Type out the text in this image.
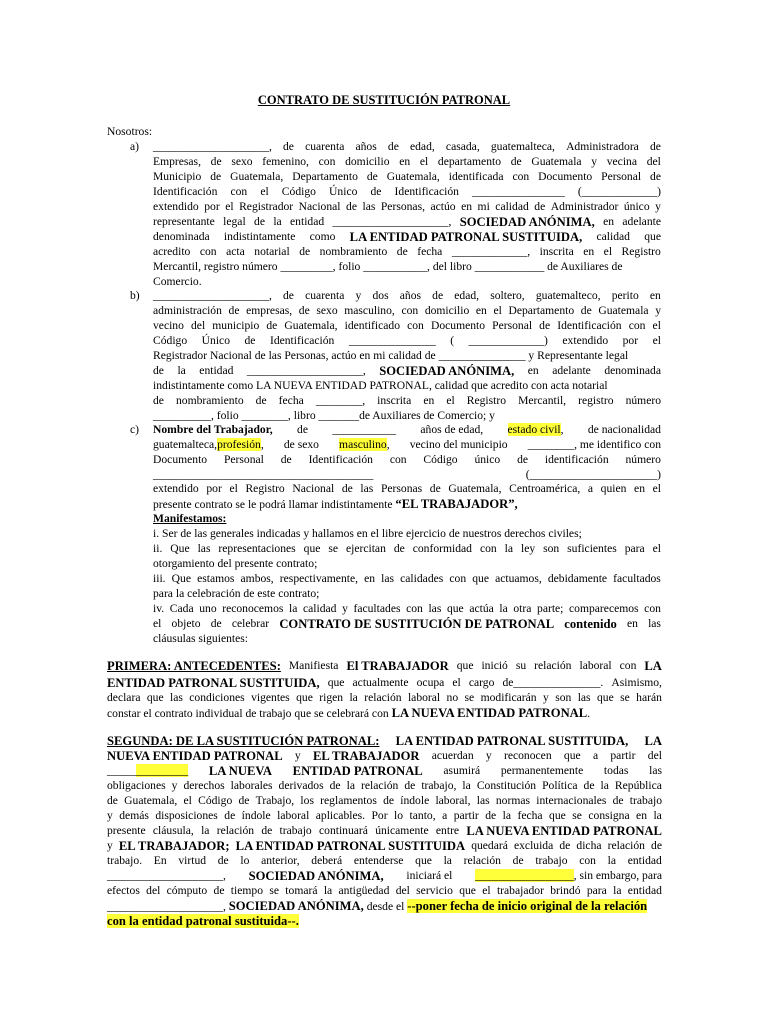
CONTRATO DE SUSTITUCIÓN PATRONAL
Nosotros:
a) ____________________, de cuarenta años de edad, casada, guatemalteca, Administradora de
Empresas, de sexo femenino, con domicilio en el departamento de Guatemala y vecina del
Municipio de Guatemala, Departamento de Guatemala, identificada con Documento Personal de
Identificación con el Código Único de Identificación ________________ (_____________)
extendido por el Registrador Nacional de las Personas, actúo en mi calidad de Administrador único y
representante legal de la entidad ____________________, SOCIEDAD ANÓNIMA, en adelante
denominada indistintamente como LA ENTIDAD PATRONAL SUSTITUIDA, calidad que
acredito con acta notarial de nombramiento de fecha _____________, inscrita en el Registro
Mercantil, registro número _________, folio ___________, del libro ____________ de Auxiliares de
Comercio.
b) ____________________, de cuarenta y dos años de edad, soltero, guatemalteco, perito en
administración de empresas, de sexo masculino, con domicilio en el Departamento de Guatemala y
vecino del municipio de Guatemala, identificado con Documento Personal de Identificación con el
Código Único de Identificación _______________ ( _____________) extendido por el
Registrador Nacional de las Personas, actúo en mi calidad de _______________ y Representante legal
de la entidad ____________________, SOCIEDAD ANÓNIMA, en adelante denominada
indistintamente como LA NUEVA ENTIDAD PATRONAL, calidad que acredito con acta notarial
de nombramiento de fecha ________, inscrita en el Registro Mercantil, registro número
__________, folio ________, libro _______de Auxiliares de Comercio; y
c) Nombre del Trabajador, de ___________ años de edad, estado civil, de nacionalidad
guatemalteca,profesión, de sexo masculino, vecino del municipio ________, me identifico con
Documento Personal de Identificación con Código único de identificación número
______________________________________	(______________________)
extendido por el Registro Nacional de las Personas de Guatemala, Centroamérica, a quien en el
presente contrato se le podrá llamar indistintamente “EL TRABAJADOR”,
Manifestamos:
i. Ser de las generales indicadas y hallamos en el libre ejercicio de nuestros derechos civiles;
ii. Que las representaciones que se ejercitan de conformidad con la ley son suficientes para el
otorgamiento del presente contrato;
iii. Que estamos ambos, respectivamente, en las calidades con que actuamos, debidamente facultados
para la celebración de este contrato;
iv. Cada uno reconocemos la calidad y facultades con las que actúa la otra parte; comparecemos con
el objeto de celebrar CONTRATO DE SUSTITUCIÓN DE PATRONAL contenido en las
cláusulas siguientes:
PRIMERA: ANTECEDENTES: Manifiesta El TRABAJADOR que inició su relación laboral con LA
ENTIDAD PATRONAL SUSTITUIDA, que actualmente ocupa el cargo de_______________. Asimismo,
declara que las condiciones vigentes que rigen la relación laboral no se modificarán y son las que se harán
constar el contrato individual de trabajo que se celebrará con LA NUEVA ENTIDAD PATRONAL.
SEGUNDA: DE LA SUSTITUCIÓN PATRONAL: LA ENTIDAD PATRONAL SUSTITUIDA, LA
NUEVA ENTIDAD PATRONAL y EL TRABAJADOR acuerdan y reconocen que a partir del
______________ LA NUEVA ENTIDAD PATRONAL asumirá permanentemente todas las
obligaciones y derechos laborales derivados de la relación de trabajo, la Constitución Política de la República
de Guatemala, el Código de Trabajo, los reglamentos de índole laboral, las normas internacionales de trabajo
y demás disposiciones de índole laboral aplicables. Por lo tanto, a partir de la fecha que se consigna en la
presente cláusula, la relación de trabajo continuará únicamente entre LA NUEVA ENTIDAD PATRONAL
y EL TRABAJADOR; LA ENTIDAD PATRONAL SUSTITUIDA quedará excluida de dicha relación de
trabajo. En virtud de lo anterior, deberá entenderse que la relación de trabajo con la entidad
____________________, SOCIEDAD ANÓNIMA, iniciará el _________________, sin embargo, para
efectos del cómputo de tiempo se tomará la antigüedad del servicio que el trabajador brindó para la entidad
____________________, SOCIEDAD ANÓNIMA, desde el --poner fecha de inicio original de la relación
con la entidad patronal sustituida--.
